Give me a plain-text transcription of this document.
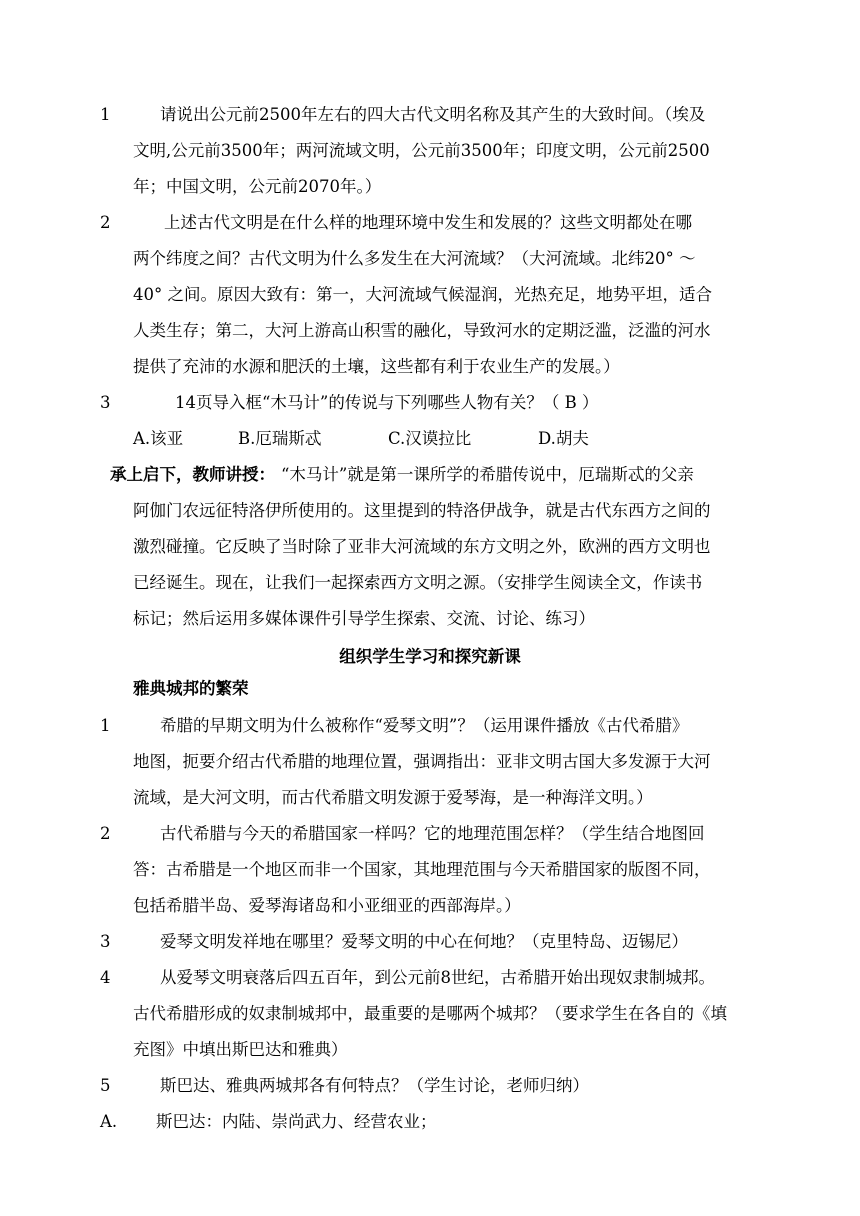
1	请说出公元前2500年左右的四大古代文明名称及其产生的大致时间。（埃及
文明,公元前3500年；两河流域文明，公元前3500年；印度文明，公元前2500
年；中国文明，公元前2070年。）
2	上述古代文明是在什么样的地理环境中发生和发展的？这些文明都处在哪
两个纬度之间？古代文明为什么多发生在大河流域？（大河流域。北纬20° ～
40° 之间。原因大致有：第一，大河流域气候湿润，光热充足，地势平坦，适合
人类生存；第二，大河上游高山积雪的融化，导致河水的定期泛滥，泛滥的河水
提供了充沛的水源和肥沃的土壤，这些都有利于农业生产的发展。）
3	14页导入框“木马计”的传说与下列哪些人物有关？（ B ）
A.该亚	B.厄瑞斯忒	C.汉谟拉比	D.胡夫
承上启下，教师讲授： “木马计”就是第一课所学的希腊传说中，厄瑞斯忒的父亲
阿伽门农远征特洛伊所使用的。这里提到的特洛伊战争，就是古代东西方之间的
激烈碰撞。它反映了当时除了亚非大河流域的东方文明之外，欧洲的西方文明也
已经诞生。现在，让我们一起探索西方文明之源。（安排学生阅读全文，作读书
标记；然后运用多媒体课件引导学生探索、交流、讨论、练习）
组织学生学习和探究新课
雅典城邦的繁荣
1	希腊的早期文明为什么被称作“爱琴文明”？（运用课件播放《古代希腊》
地图，扼要介绍古代希腊的地理位置，强调指出：亚非文明古国大多发源于大河
流域，是大河文明，而古代希腊文明发源于爱琴海，是一种海洋文明。）
2	古代希腊与今天的希腊国家一样吗？它的地理范围怎样？（学生结合地图回
答：古希腊是一个地区而非一个国家，其地理范围与今天希腊国家的版图不同，
包括希腊半岛、爱琴海诸岛和小亚细亚的西部海岸。）
3	爱琴文明发祥地在哪里？爱琴文明的中心在何地？（克里特岛、迈锡尼）
4	从爱琴文明衰落后四五百年，到公元前8世纪，古希腊开始出现奴隶制城邦。
古代希腊形成的奴隶制城邦中，最重要的是哪两个城邦？（要求学生在各自的《填
充图》中填出斯巴达和雅典）
5	斯巴达、雅典两城邦各有何特点？（学生讨论，老师归纳）
A. 斯巴达：内陆、崇尚武力、经营农业；
